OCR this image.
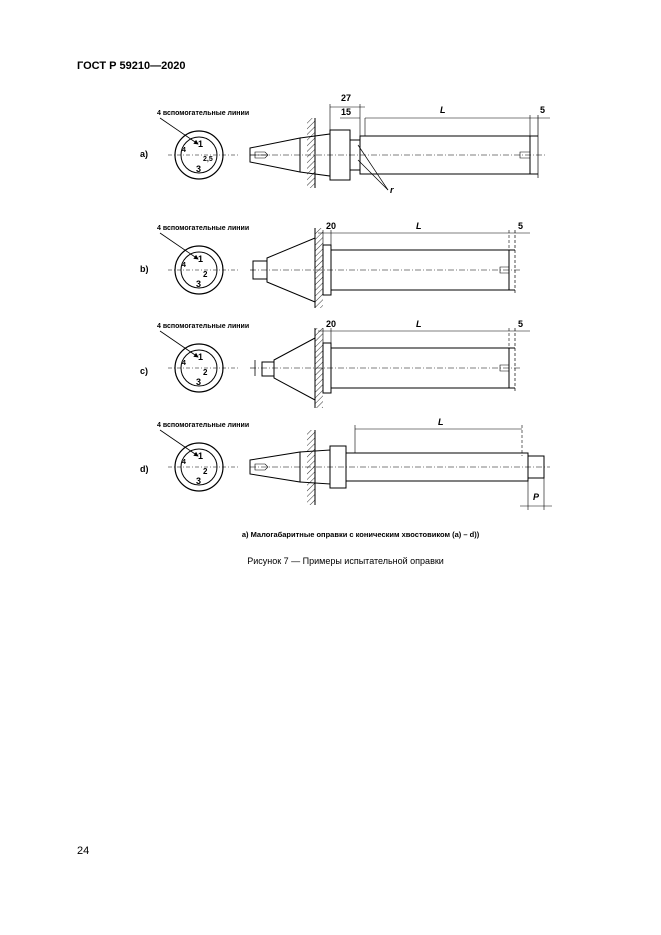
ГОСТ Р 59210—2020
4 вспомогательные линии
1
2,5
3
4
a)
27
15	L	5
r
4 вспомогательные линии
1
2
3
4
b)
20	L	5
4 вспомогательные линии
1
2
3
4
c)
20	L	5
4 вспомогательные линии
1
2
3
4
d)
L
P
a) Малогабаритные оправки с коническим хвостовиком (a) – d))
Рисунок 7 — Примеры испытательной оправки
24
